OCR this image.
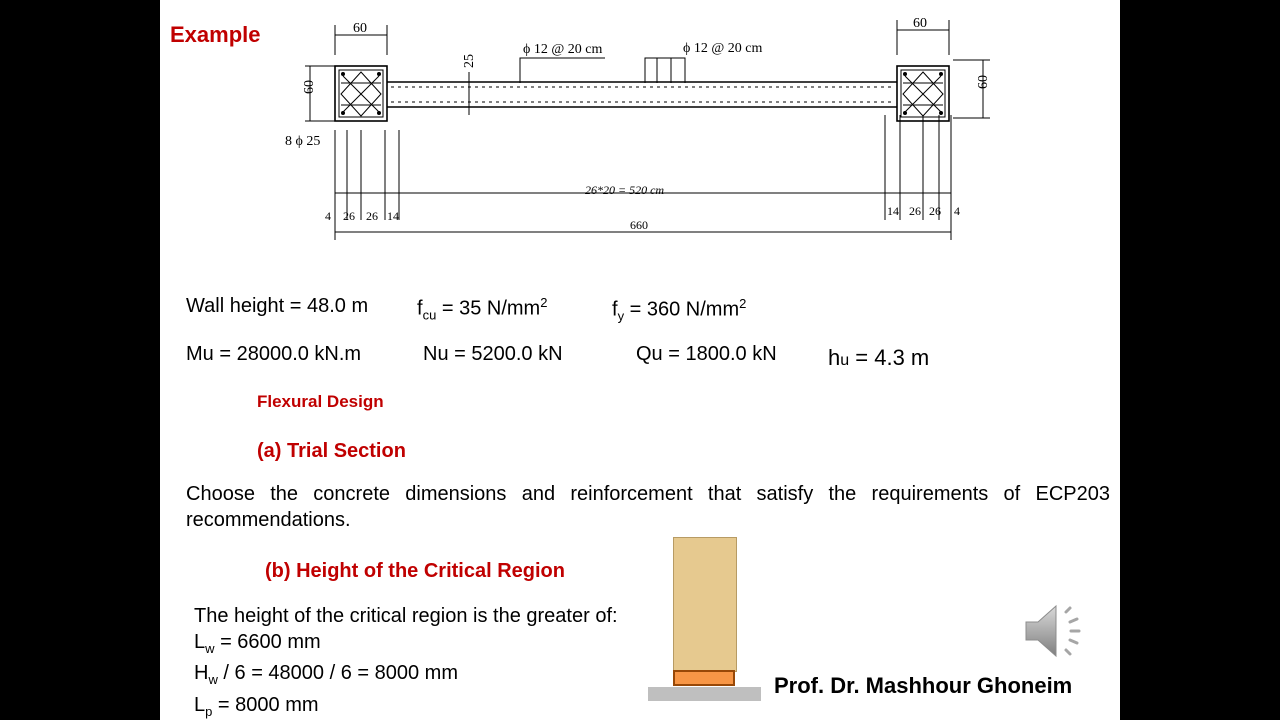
Example	60	60
60	60
25
ϕ 12 @ 20 cm	ϕ 12 @ 20 cm
8 ϕ 25
26*20 = 520 cm
660
4 26 26 14	14 26 26 4
Wall height = 48.0 m $f_{cu} = 35$ $N/mm^2$	$f_y = 360$ $N/mm^2$
Mu = 28000.0 kN.m	Nu = 5200.0 kN	Qu = 1800.0 kN hu = 4.3 m
Flexural Design
(a) Trial Section
Choose the concrete dimensions and reinforcement that satisfy the requirements of ECP203 recommendations.
(b) Height of the Critical Region
The height of the critical region is the greater of:
$L_w = 6600$ mm
$H_w / 6 = 48000 / 6 = 8000$ mm
$L_p = 8000$ mm
Prof. Dr. Mashhour Ghoneim
